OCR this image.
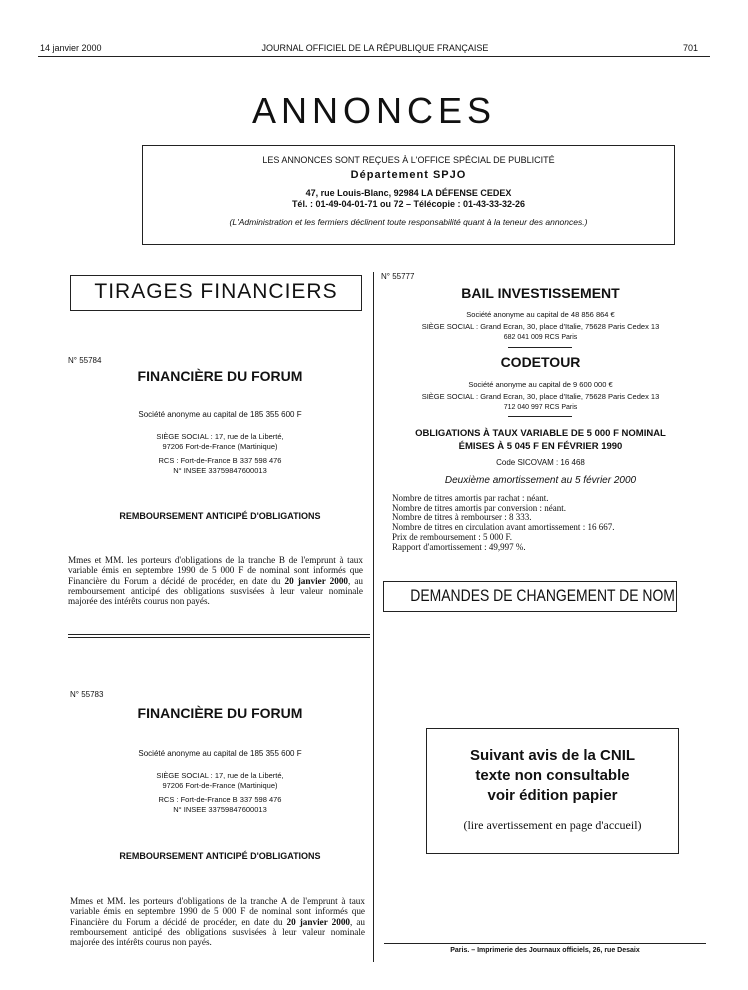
14 janvier 2000	JOURNAL OFFICIEL DE LA RÉPUBLIQUE FRANÇAISE	701
ANNONCES
LES ANNONCES SONT REÇUES À L'OFFICE SPÉCIAL DE PUBLICITÉ
Département SPJO
47, rue Louis-Blanc, 92984 LA DÉFENSE CEDEX
Tél. : 01-49-04-01-71 ou 72 – Télécopie : 01-43-33-32-26
(L'Administration et les fermiers déclinent toute responsabilité quant à la teneur des annonces.)
TIRAGES FINANCIERS
N° 55784
FINANCIÈRE DU FORUM
Société anonyme au capital de 185 355 600 F
SIÈGE SOCIAL : 17, rue de la Liberté,
97206 Fort-de-France (Martinique)
RCS : Fort-de-France B 337 598 476
N° INSEE 33759847600013
REMBOURSEMENT ANTICIPÉ D'OBLIGATIONS
Mmes et MM. les porteurs d'obligations de la tranche B de l'emprunt à taux variable émis en septembre 1990 de 5 000 F de nominal sont informés que Financière du Forum a décidé de procéder, en date du 20 janvier 2000, au remboursement anticipé des obligations susvisées à leur valeur nominale majorée des intérêts courus non payés.
N° 55783
FINANCIÈRE DU FORUM
Société anonyme au capital de 185 355 600 F
SIÈGE SOCIAL : 17, rue de la Liberté,
97206 Fort-de-France (Martinique)
RCS : Fort-de-France B 337 598 476
N° INSEE 33759847600013
REMBOURSEMENT ANTICIPÉ D'OBLIGATIONS
Mmes et MM. les porteurs d'obligations de la tranche A de l'emprunt à taux variable émis en septembre 1990 de 5 000 F de nominal sont informés que Financière du Forum a décidé de procéder, en date du 20 janvier 2000, au remboursement anticipé des obligations susvisées à leur valeur nominale majorée des intérêts courus non payés.
N° 55777
BAIL INVESTISSEMENT
Société anonyme au capital de 48 856 864 €
SIÈGE SOCIAL : Grand Ecran, 30, place d'Italie, 75628 Paris Cedex 13
682 041 009 RCS Paris
CODETOUR
Société anonyme au capital de 9 600 000 €
SIÈGE SOCIAL : Grand Ecran, 30, place d'Italie, 75628 Paris Cedex 13
712 040 997 RCS Paris
OBLIGATIONS À TAUX VARIABLE DE 5 000 F NOMINAL
ÉMISES À 5 045 F EN FÉVRIER 1990
Code SICOVAM : 16 468
Deuxième amortissement au 5 février 2000
Nombre de titres amortis par rachat : néant.
Nombre de titres amortis par conversion : néant.
Nombre de titres à rembourser : 8 333.
Nombre de titres en circulation avant amortissement : 16 667.
Prix de remboursement : 5 000 F.
Rapport d'amortissement : 49,997 %.
DEMANDES DE CHANGEMENT DE NOM
Suivant avis de la CNIL
texte non consultable
voir édition papier
(lire avertissement en page d'accueil)
Paris. – Imprimerie des Journaux officiels, 26, rue Desaix
